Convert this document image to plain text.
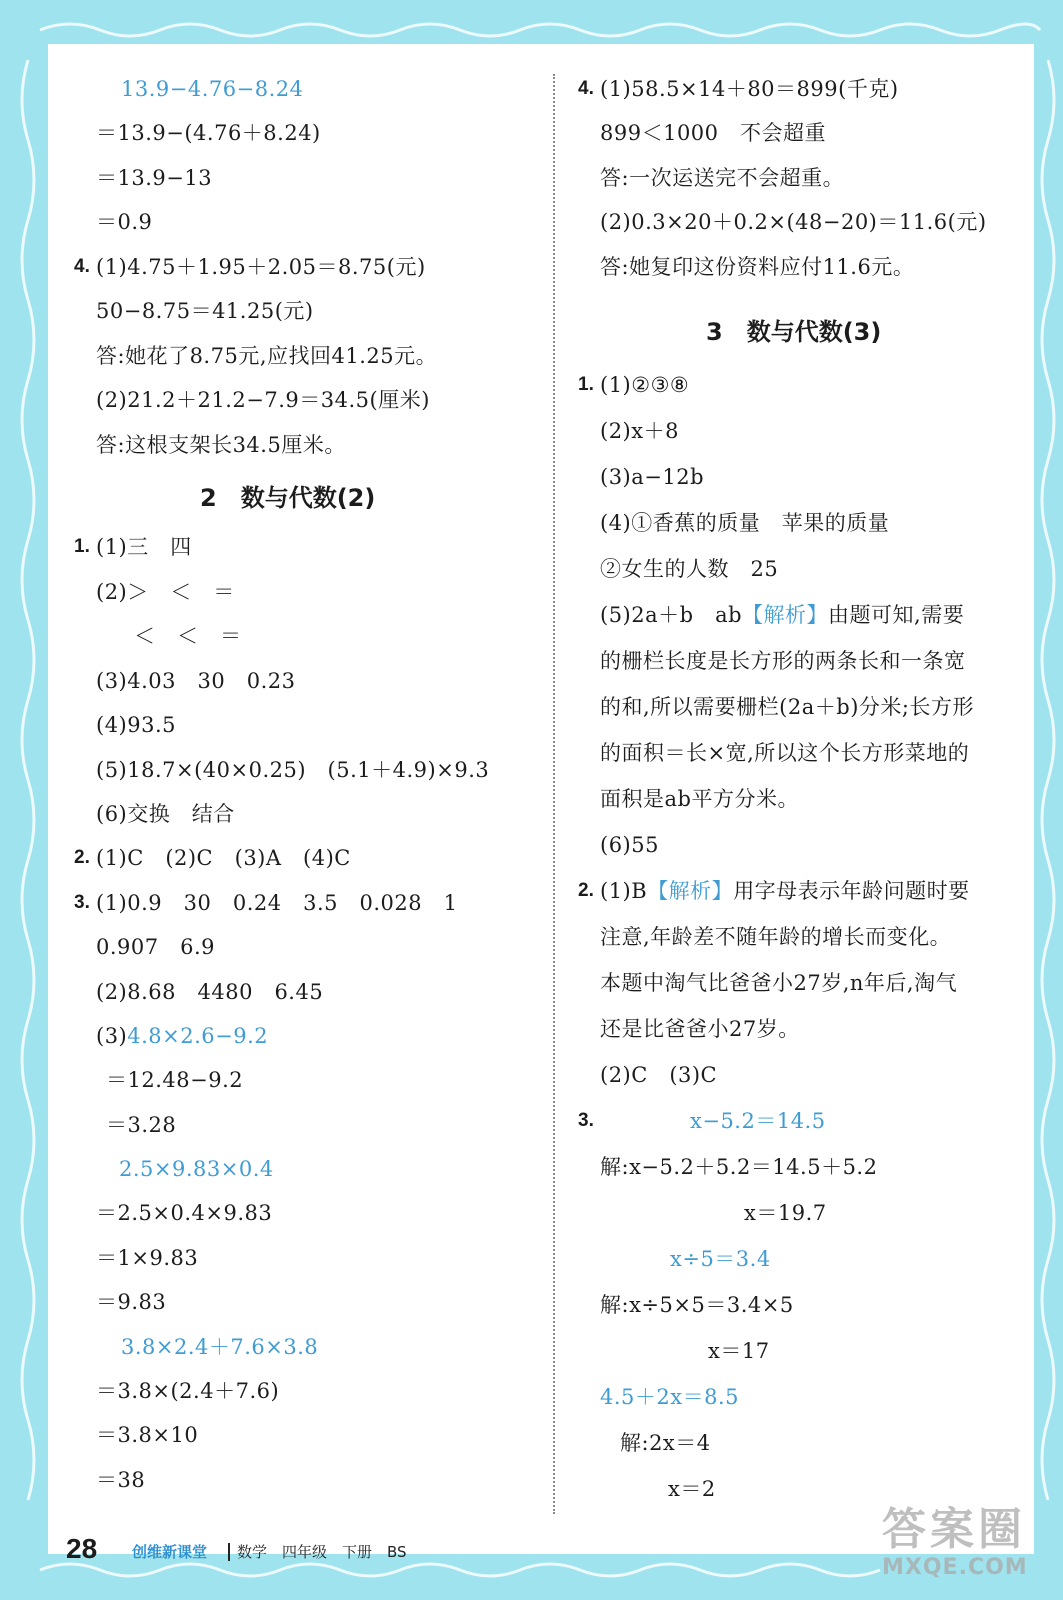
13.9−4.76−8.24
＝13.9−(4.76＋8.24)
＝13.9−13
＝0.9
4. (1)4.75＋1.95＋2.05＝8.75(元)
50−8.75＝41.25(元)
答:她花了8.75元,应找回41.25元。
(2)21.2＋21.2−7.9＝34.5(厘米)
答:这根支架长34.5厘米。
2　数与代数(2)
1. (1)三　四
(2)＞　＜　＝
＜　＜　＝
(3)4.03　30　0.23
(4)93.5
(5)18.7×(40×0.25)　(5.1＋4.9)×9.3
(6)交换　结合
2. (1)C　(2)C　(3)A　(4)C
3. (1)0.9　30　0.24　3.5　0.028　1
0.907　6.9
(2)8.68　4480　6.45
(3)4.8×2.6−9.2
＝12.48−9.2
＝3.28
2.5×9.83×0.4
＝2.5×0.4×9.83
＝1×9.83
＝9.83
3.8×2.4＋7.6×3.8
＝3.8×(2.4＋7.6)
＝3.8×10
＝38
4. (1)58.5×14＋80＝899(千克)
899＜1000　不会超重
答:一次运送完不会超重。
(2)0.3×20＋0.2×(48−20)＝11.6(元)
答:她复印这份资料应付11.6元。
3　数与代数(3)
1. (1)②③⑧
(2)x＋8
(3)a−12b
(4)①香蕉的质量　苹果的质量
②女生的人数　25
(5)2a＋b　ab【解析】由题可知,需要
的栅栏长度是长方形的两条长和一条宽
的和,所以需要栅栏(2a＋b)分米;长方形
的面积＝长×宽,所以这个长方形菜地的
面积是ab平方分米。
(6)55
2. (1)B【解析】用字母表示年龄问题时要
注意,年龄差不随年龄的增长而变化。
本题中淘气比爸爸小27岁,n年后,淘气
还是比爸爸小27岁。
(2)C　(3)C
3.	x−5.2＝14.5
解:x−5.2＋5.2＝14.5＋5.2
x＝19.7
x÷5＝3.4
解:x÷5×5＝3.4×5
x＝17
4.5＋2x＝8.5
解:2x＝4
x＝2
28 创维新课堂 数学　四年级　下册　BS	答案圈
MXQE.COM
